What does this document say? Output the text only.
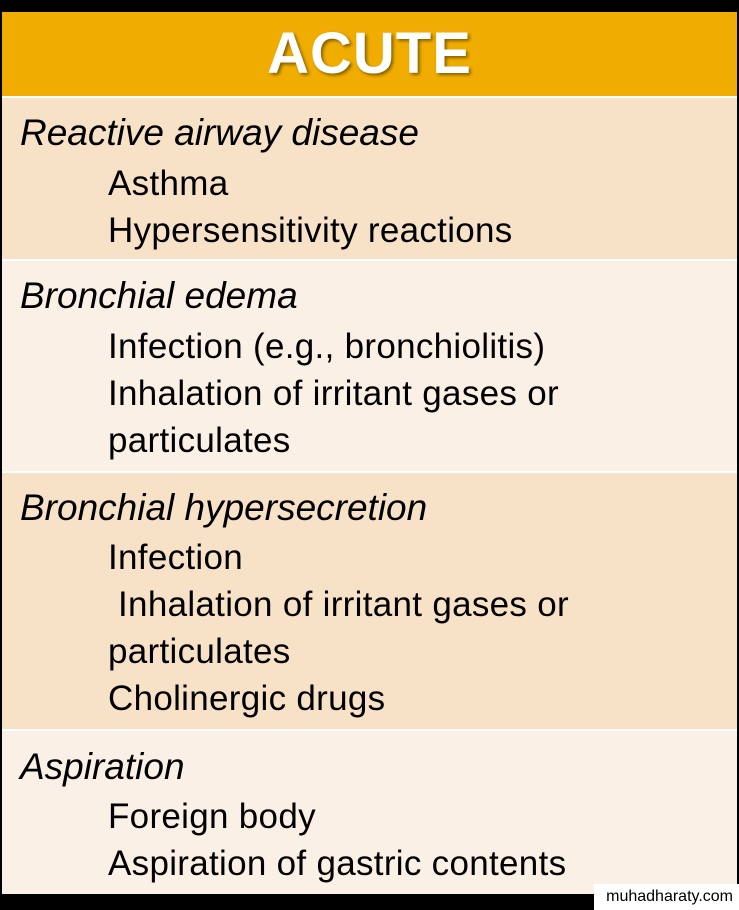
ACUTE
Reactive airway disease
Asthma
Hypersensitivity reactions
Bronchial edema
Infection (e.g., bronchiolitis)
Inhalation of irritant gases or
particulates
Bronchial hypersecretion
Infection
Inhalation of irritant gases or
particulates
Cholinergic drugs
Aspiration
Foreign body
Aspiration of gastric contents
muhadharaty.com
